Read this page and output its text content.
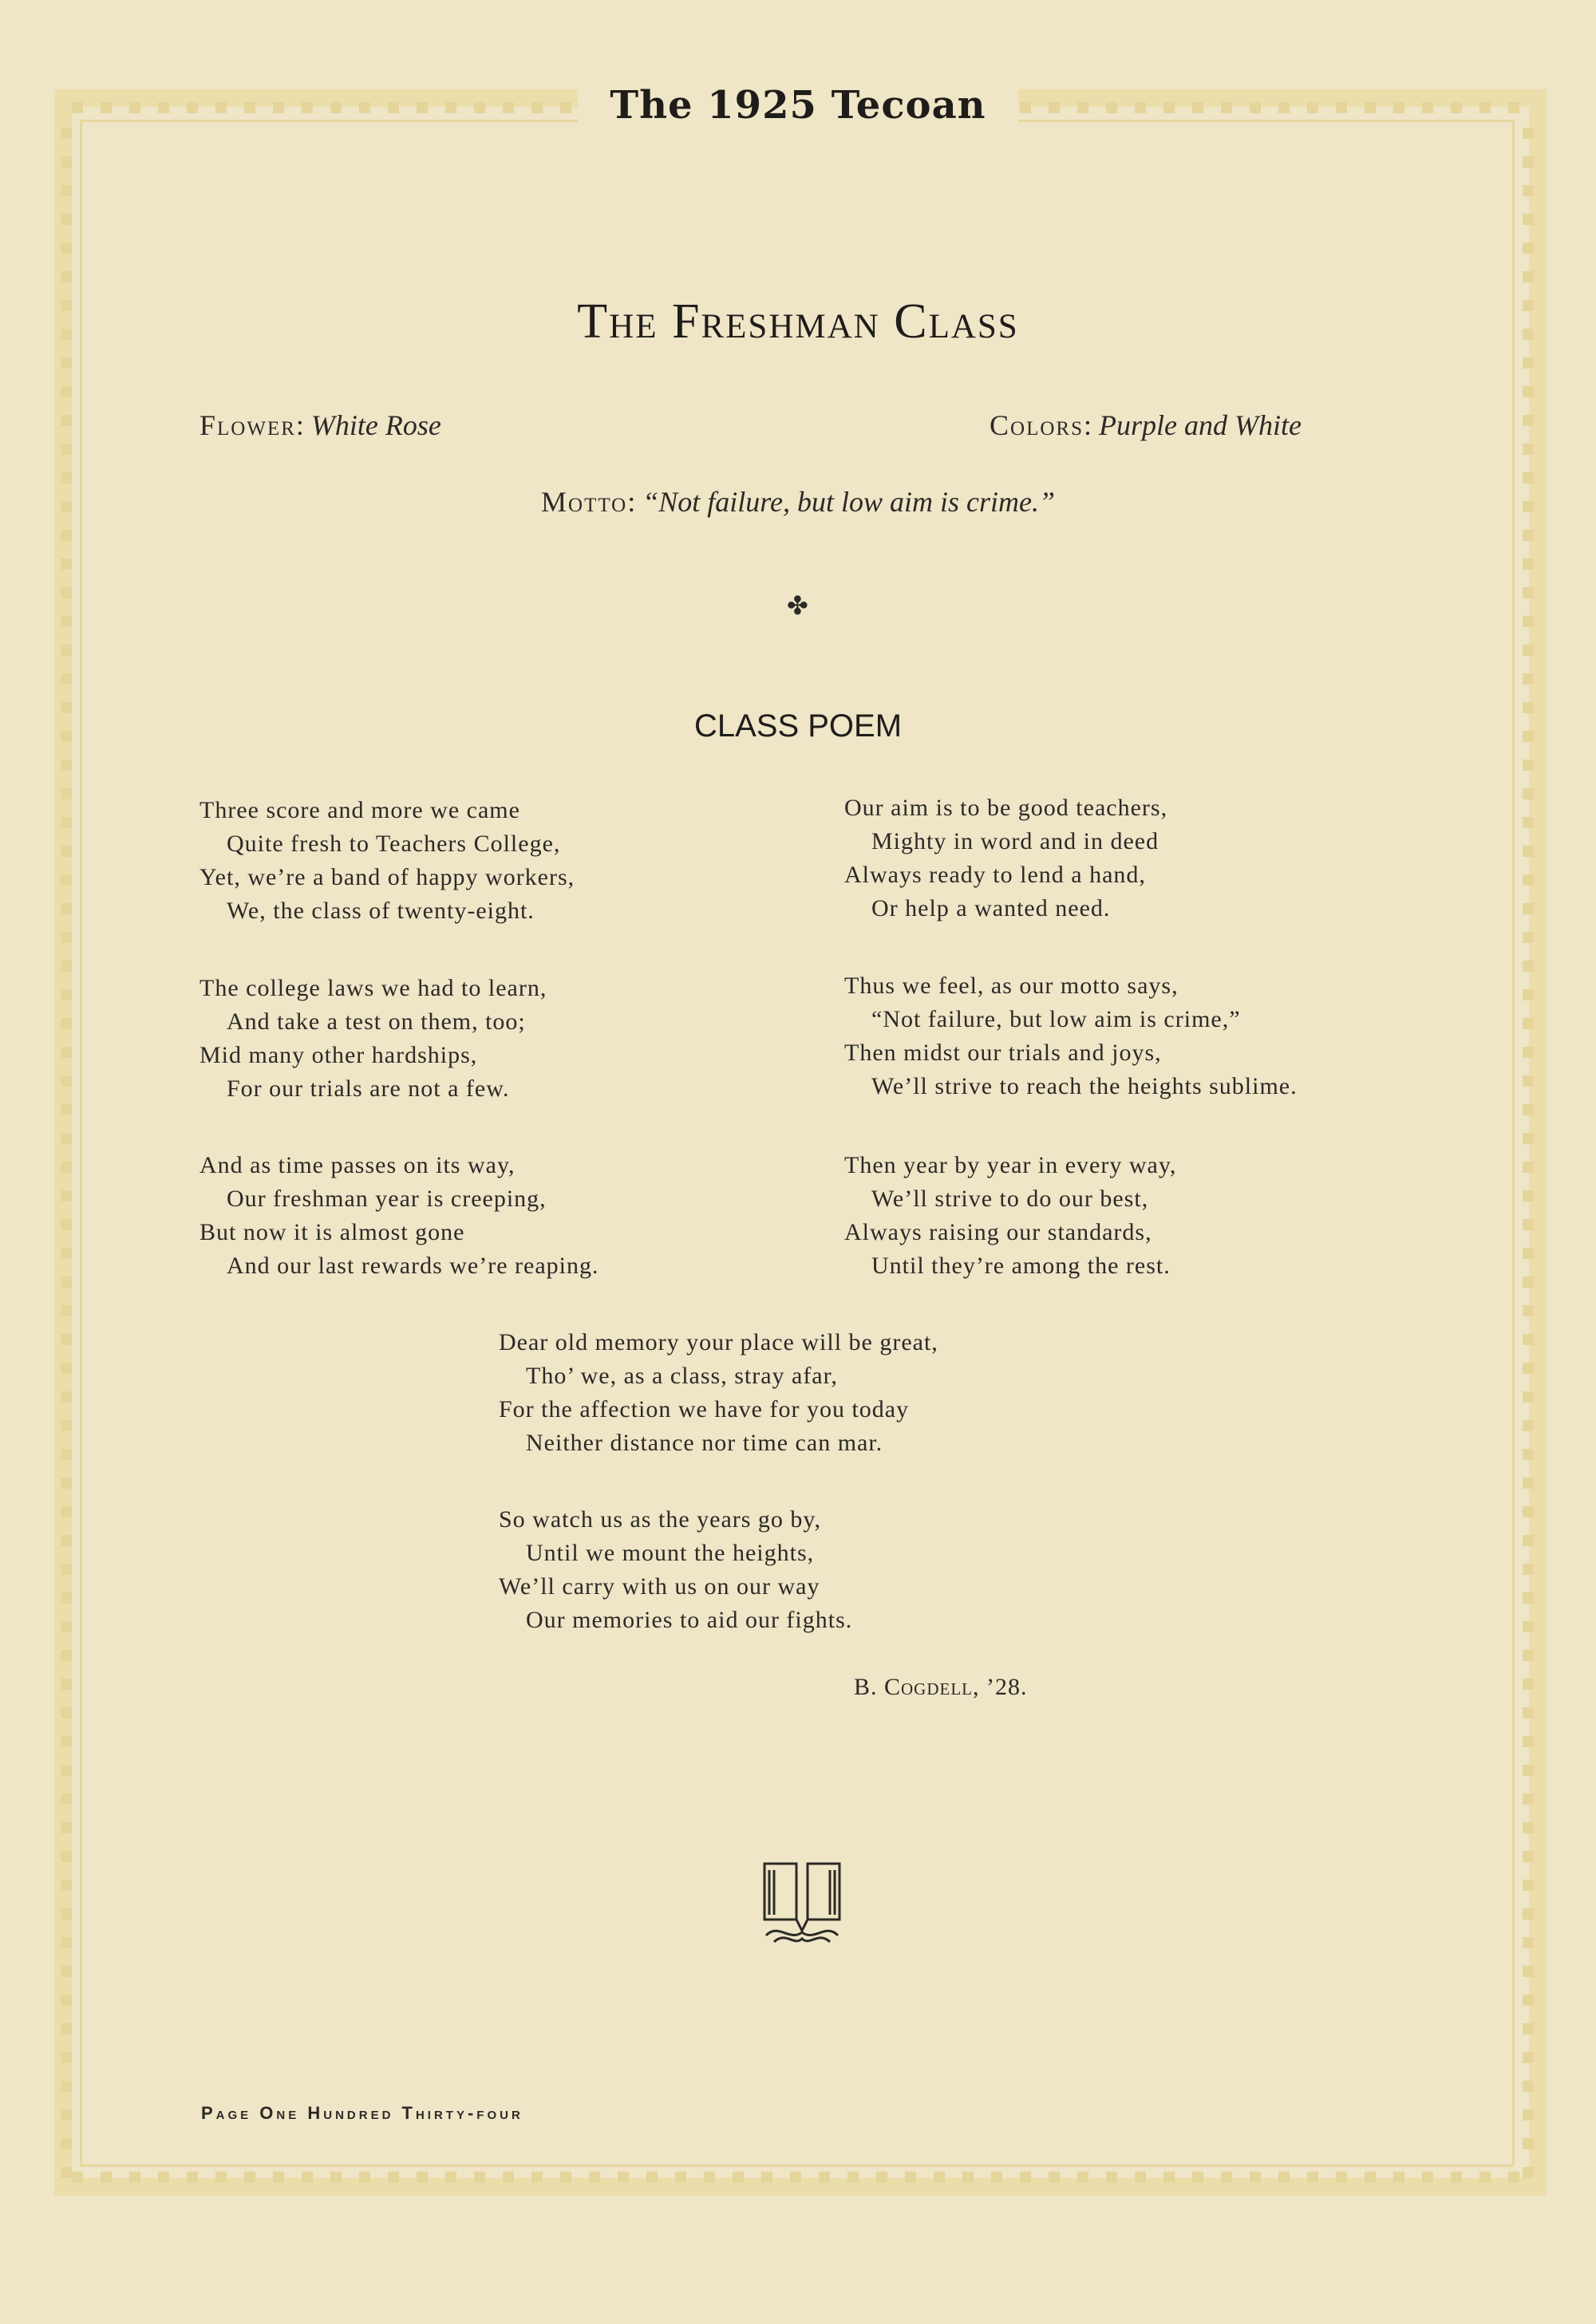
The 1925 Tecoan
The Freshman Class
Flower: White Rose	Colors: Purple and White
Motto: “Not failure, but low aim is crime.”
✤
CLASS POEM
Three score and more we came
Quite fresh to Teachers College,
Yet, we’re a band of happy workers,
We, the class of twenty-eight.
The college laws we had to learn,
And take a test on them, too;
Mid many other hardships,
For our trials are not a few.
And as time passes on its way,
Our freshman year is creeping,
But now it is almost gone
And our last rewards we’re reaping.
Our aim is to be good teachers,
Mighty in word and in deed
Always ready to lend a hand,
Or help a wanted need.
Thus we feel, as our motto says,
“Not failure, but low aim is crime,”
Then midst our trials and joys,
We’ll strive to reach the heights sublime.
Then year by year in every way,
We’ll strive to do our best,
Always raising our standards,
Until they’re among the rest.
Dear old memory your place will be great,
Tho’ we, as a class, stray afar,
For the affection we have for you today
Neither distance nor time can mar.
So watch us as the years go by,
Until we mount the heights,
We’ll carry with us on our way
Our memories to aid our fights.
B. Cogdell, ’28.
Page One Hundred Thirty-four
